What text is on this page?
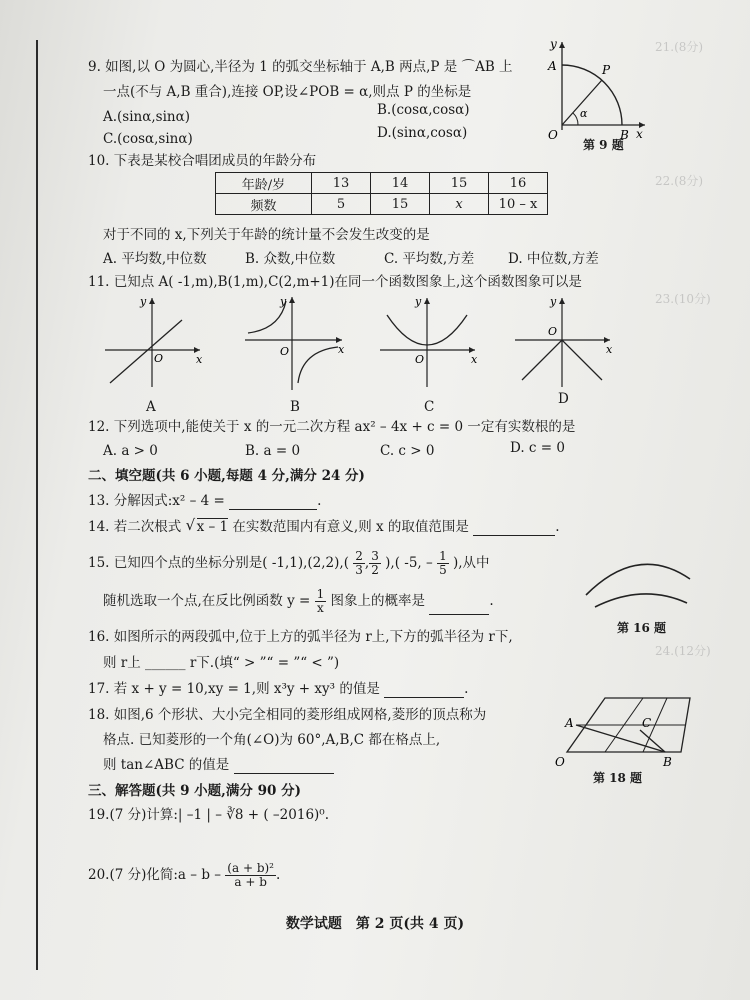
21.(8分)
22.(8分)
23.(10分)
24.(12分)
9. 如图,以 O 为圆心,半径为 1 的弧交坐标轴于 A,B 两点,P 是 ⌒AB 上
一点(不与 A,B 重合),连接 OP,设∠POB = α,则点 P 的坐标是
A.(sinα,sinα)	B.(cosα,cosα)
C.(cosα,sinα)	D.(sinα,cosα)
y
x
A
B
P
O
α
第 9 题
10. 下表是某校合唱团成员的年龄分布
年龄/岁	13	14	15	16
频数	5	15	x	10 – x
对于不同的 x,下列关于年龄的统计量不会发生改变的是
A. 平均数,中位数	B. 众数,中位数	C. 平均数,方差	D. 中位数,方差
11. 已知点 A( -1,m),B(1,m),C(2,m+1)在同一个函数图象上,这个函数图象可以是
y
x
O
A
y
x
O
B
y
x
O
C
y
x
O
D
12. 下列选项中,能使关于 x 的一元二次方程 ax² – 4x + c = 0 一定有实数根的是
A. a > 0	B. a = 0	C. c > 0	D. c = 0
二、填空题(共 6 小题,每题 4 分,满分 24 分)
13. 分解因式:x² – 4 =	.
14. 若二次根式 √ x – 1 在实数范围内有意义,则 x 的取值范围是	.
15. 已知四个点的坐标分别是( $-1,1),(2,2),( \frac{2}{3}$ , $\frac{3}{2}$ ),( -5, – $\frac{1}{5}$ ),从中
随机选取一个点,在反比例函数 $y = \frac{1}{x}$ 图象上的概率是	.
第 16 题
16. 如图所示的两段弧中,位于上方的弧半径为 r上,下方的弧半径为 r下,
则 r上 ______ r下.(填“ > ”“ = ”“ < ”)
17. 若 x + y = 10,xy = 1,则 x³y + xy³ 的值是	.
18. 如图,6 个形状、大小完全相同的菱形组成网格,菱形的顶点称为
格点. 已知菱形的一个角(∠O)为 60°,A,B,C 都在格点上,
则 tan∠ABC 的值是
A	C
B
O
第 18 题
三、解答题(共 9 小题,满分 90 分)
19.(7 分)计算:| –1 | – ∛8 + ( –2016)⁰.
20.(7 分)化简:a – b – $\frac{\text{(a + b)²}}{a + b}$ .
数学试题　第 2 页(共 4 页)
